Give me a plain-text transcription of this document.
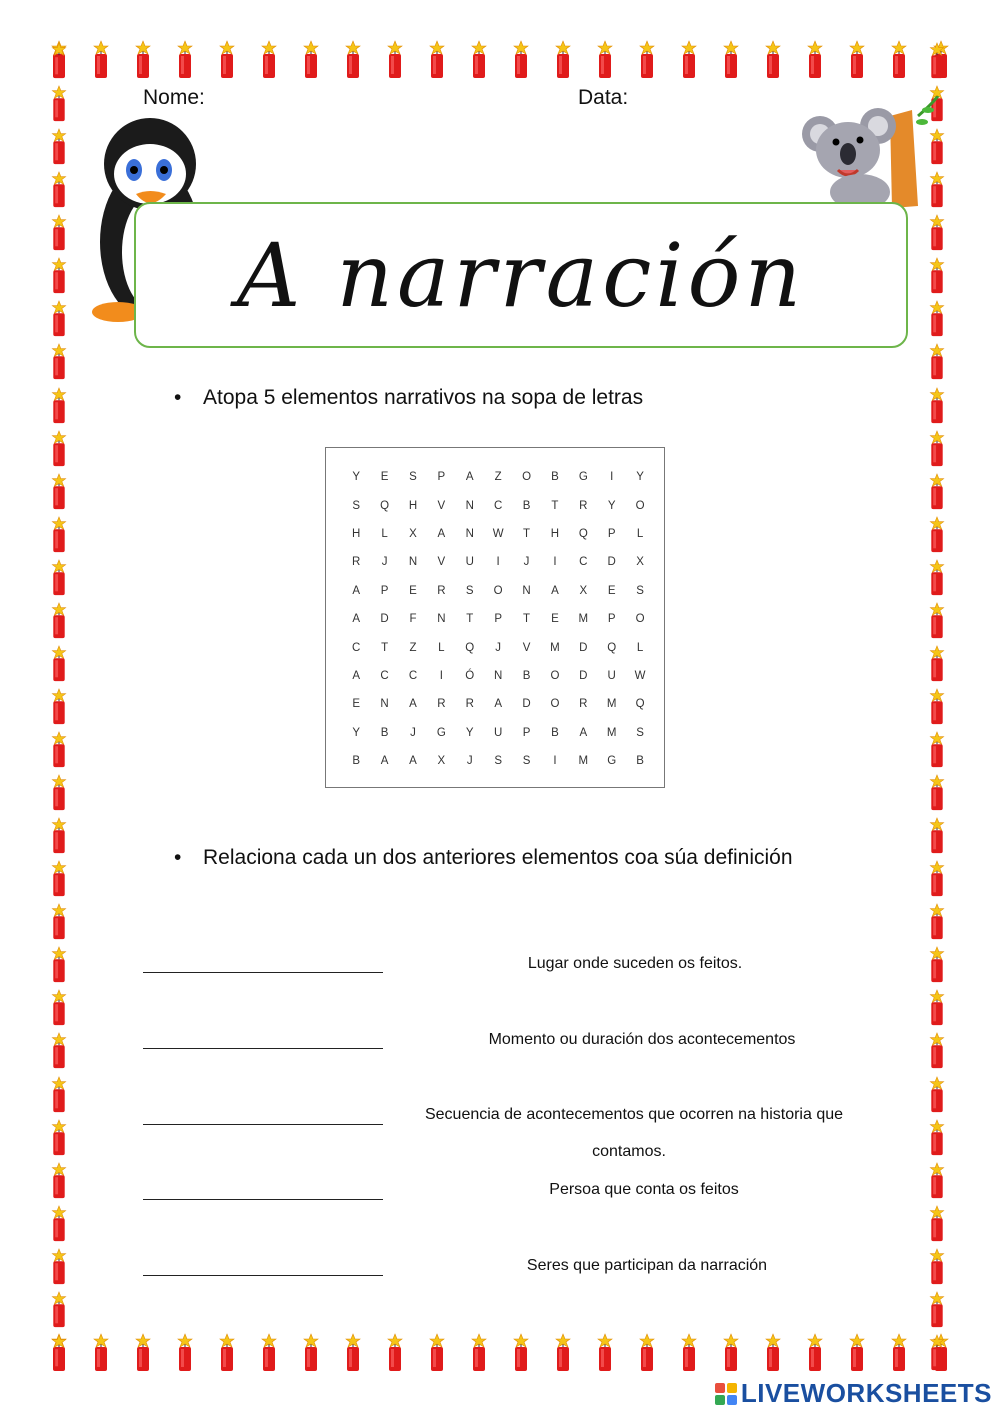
Nome:	Data:
A narración
•	Atopa 5 elementos narrativos na sopa de letras
Y	E	S	P	A	Z	O	B	G	I	Y
S	Q	H	V	N	C	B	T	R	Y	O
H	L	X	A	N	W	T	H	Q	P	L
R	J	N	V	U	I	J	I	C	D	X
A	P	E	R	S	O	N	A	X	E	S
A	D	F	N	T	P	T	E	M	P	O
C	T	Z	L	Q	J	V	M	D	Q	L
A	C	C	I	Ó	N	B	O	D	U	W
E	N	A	R	R	A	D	O	R	M	Q
Y	B	J	G	Y	U	P	B	A	M	S
B	A	A	X	J	S	S	I	M	G	B
•	Relaciona cada un dos anteriores elementos coa súa definición
Lugar onde suceden os feitos.
Momento ou duración dos acontecementos
Secuencia de acontecementos que ocorren na historia que
contamos.
Persoa que conta os feitos
Seres que participan da narración
LIVEWORKSHEETS
